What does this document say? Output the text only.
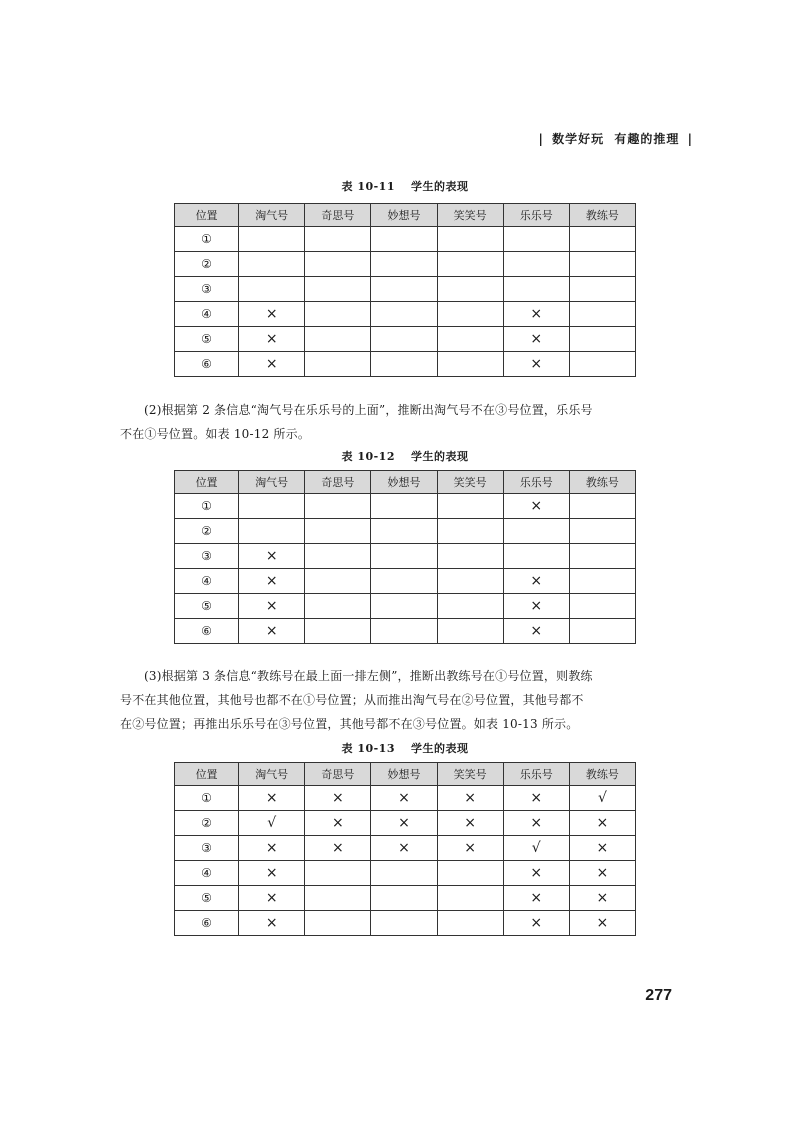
| 数学好玩  有趣的推理 |
表 10-11 学生的表现
位置	淘气号	奇思号	妙想号	笑笑号	乐乐号	教练号
①						
②						
③						
④	×				×	
⑤	×				×	
⑥	×				×	

(2)根据第 2 条信息“淘气号在乐乐号的上面”，推断出淘气号不在③号位置，乐乐号

不在①号位置。如表 10-12 所示。

表 10-12 学生的表现
位置	淘气号	奇思号	妙想号	笑笑号	乐乐号	教练号
①					×	
②						
③	×					
④	×				×	
⑤	×				×	
⑥	×				×	

(3)根据第 3 条信息“教练号在最上面一排左侧”，推断出教练号在①号位置，则教练

号不在其他位置，其他号也都不在①号位置；从而推出淘气号在②号位置，其他号都不

在②号位置；再推出乐乐号在③号位置，其他号都不在③号位置。如表 10-13 所示。

表 10-13 学生的表现
位置	淘气号	奇思号	妙想号	笑笑号	乐乐号	教练号
①	×	×	×	×	×	√
②	√	×	×	×	×	×
③	×	×	×	×	√	×
④	×				×	×
⑤	×				×	×
⑥	×				×	×
277
